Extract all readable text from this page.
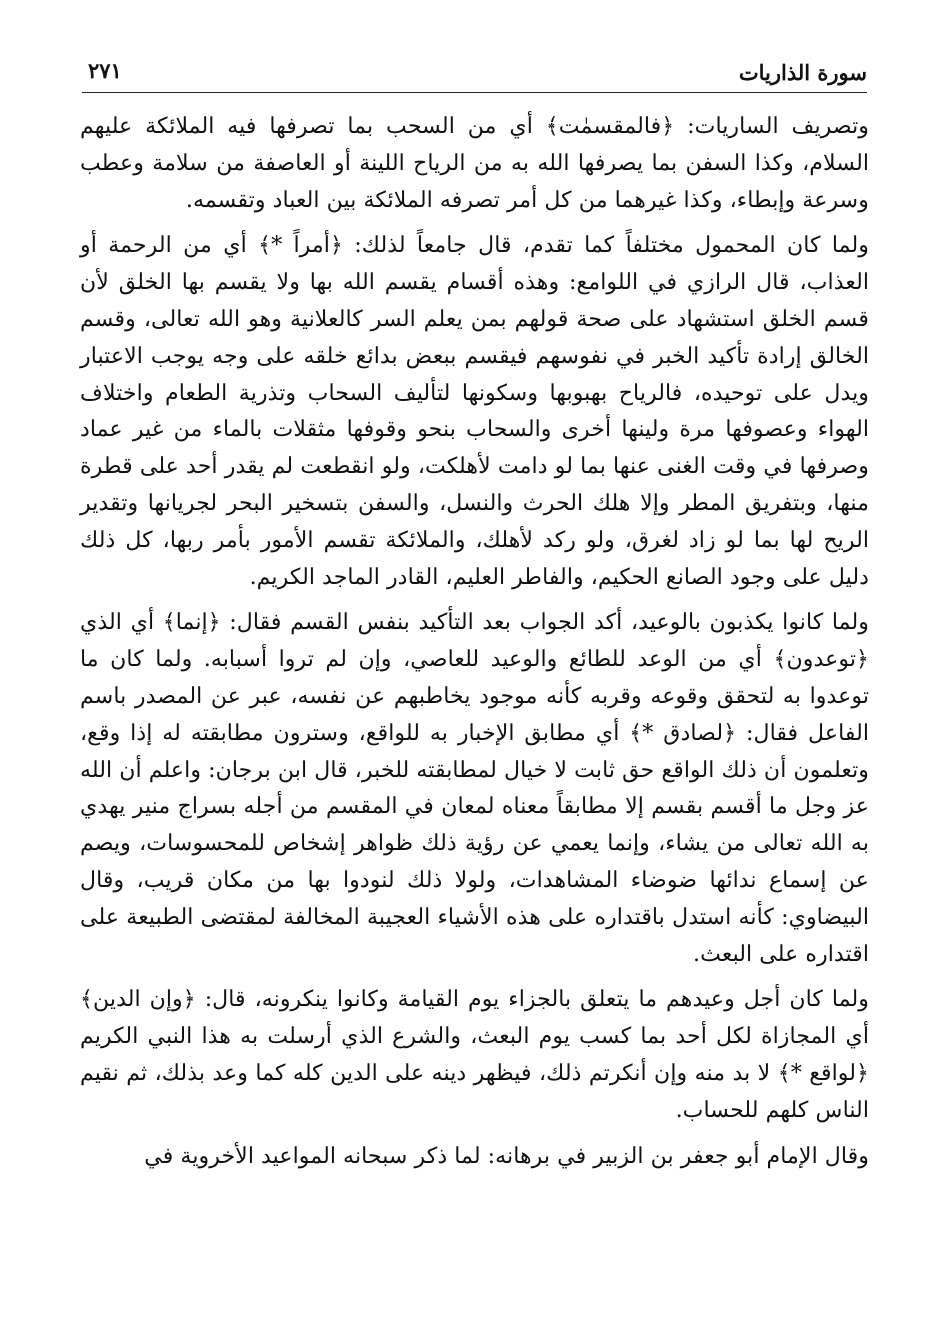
سورة الذاريات
٢٧١

وتصريف الساريات: ﴿فالمقسمٰت﴾ أي من السحب بما تصرفها فيه الملائكة عليهم السلام، وكذا السفن بما يصرفها الله به من الرياح اللينة أو العاصفة من سلامة وعطب وسرعة وإبطاء، وكذا غيرهما من كل أمر تصرفه الملائكة بين العباد وتقسمه.

ولما كان المحمول مختلفاً كما تقدم، قال جامعاً لذلك: ﴿أمراً *﴾ أي من الرحمة أو العذاب، قال الرازي في اللوامع: وهذه أقسام يقسم الله بها ولا يقسم بها الخلق لأن قسم الخلق استشهاد على صحة قولهم بمن يعلم السر كالعلانية وهو الله تعالى، وقسم الخالق إرادة تأكيد الخبر في نفوسهم فيقسم ببعض بدائع خلقه على وجه يوجب الاعتبار ويدل على توحيده، فالرياح بهبوبها وسكونها لتأليف السحاب وتذرية الطعام واختلاف الهواء وعصوفها مرة ولينها أخرى والسحاب بنحو وقوفها مثقلات بالماء من غير عماد وصرفها في وقت الغنى عنها بما لو دامت لأهلكت، ولو انقطعت لم يقدر أحد على قطرة منها، وبتفريق المطر وإلا هلك الحرث والنسل، والسفن بتسخير البحر لجريانها وتقدير الريح لها بما لو زاد لغرق، ولو ركد لأهلك، والملائكة تقسم الأمور بأمر ربها، كل ذلك دليل على وجود الصانع الحكيم، والفاطر العليم، القادر الماجد الكريم.

ولما كانوا يكذبون بالوعيد، أكد الجواب بعد التأكيد بنفس القسم فقال: ﴿إنما﴾ أي الذي ﴿توعدون﴾ أي من الوعد للطائع والوعيد للعاصي، وإن لم تروا أسبابه. ولما كان ما توعدوا به لتحقق وقوعه وقربه كأنه موجود يخاطبهم عن نفسه، عبر عن المصدر باسم الفاعل فقال: ﴿لصادق *﴾ أي مطابق الإخبار به للواقع، وسترون مطابقته له إذا وقع، وتعلمون أن ذلك الواقع حق ثابت لا خيال لمطابقته للخبر، قال ابن برجان: واعلم أن الله عز وجل ما أقسم بقسم إلا مطابقاً معناه لمعان في المقسم من أجله بسراج منير يهدي به الله تعالى من يشاء، وإنما يعمي عن رؤية ذلك ظواهر إشخاص للمحسوسات، ويصم عن إسماع ندائها ضوضاء المشاهدات، ولولا ذلك لنودوا بها من مكان قريب، وقال البيضاوي: كأنه استدل باقتداره على هذه الأشياء العجيبة المخالفة لمقتضى الطبيعة على اقتداره على البعث.

ولما كان أجل وعيدهم ما يتعلق بالجزاء يوم القيامة وكانوا ينكرونه، قال: ﴿وإن الدين﴾ أي المجازاة لكل أحد بما كسب يوم البعث، والشرع الذي أرسلت به هذا النبي الكريم ﴿لواقع *﴾ لا بد منه وإن أنكرتم ذلك، فيظهر دينه على الدين كله كما وعد بذلك، ثم نقيم الناس كلهم للحساب.

وقال الإمام أبو جعفر بن الزبير في برهانه: لما ذكر سبحانه المواعيد الأخروية في
